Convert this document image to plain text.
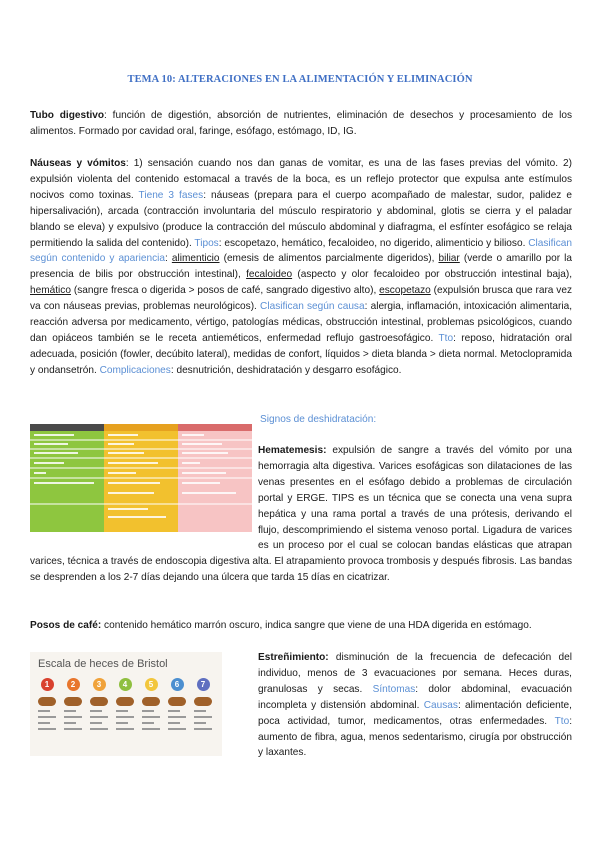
TEMA 10: ALTERACIONES EN LA ALIMENTACIÓN Y ELIMINACIÓN

Tubo digestivo: función de digestión, absorción de nutrientes, eliminación de desechos y procesamiento de los alimentos. Formado por cavidad oral, faringe, esófago, estómago, ID, IG.

Náuseas y vómitos: 1) sensación cuando nos dan ganas de vomitar, es una de las fases previas del vómito. 2) expulsión violenta del contenido estomacal a través de la boca, es un reflejo protector que expulsa ante estímulos nocivos como toxinas. Tiene 3 fases: náuseas (prepara para el cuerpo acompañado de malestar, sudor, palidez e hipersalivación), arcada (contracción involuntaria del músculo respiratorio y abdominal, glotis se cierra y el paladar blando se eleva) y expulsivo (produce la contracción del músculo abdominal y diafragma, el esfínter esofágico se relaja permitiendo la salida del contenido). Tipos: escopetazo, hemático, fecaloideo, no digerido, alimenticio y bilioso. Clasifican según contenido y apariencia: alimenticio (emesis de alimentos parcialmente digeridos), biliar (verde o amarillo por la presencia de bilis por obstrucción intestinal), fecaloideo (aspecto y olor fecaloideo por obstrucción intestinal baja), hemático (sangre fresca o digerida > posos de café, sangrado digestivo alto), escopetazo (expulsión brusca que rara vez va con náuseas previas, problemas neurológicos). Clasifican según causa: alergia, inflamación, intoxicación alimentaria, reacción adversa por medicamento, vértigo, patologías médicas, obstrucción intestinal, problemas psicológicos, cuando dan opiáceos también se le receta antieméticos, enfermedad reflujo gastroesofágico. Tto: reposo, hidratación oral adecuada, posición (fowler, decúbito lateral), medidas de confort, líquidos > dieta blanda > dieta normal. Metoclopramida y ondansetrón. Complicaciones: desnutrición, deshidratación y desgarro esofágico.

Signos de deshidratación:

Hematemesis: expulsión de sangre a través del vómito por una hemorragia alta digestiva. Varices esofágicas son dilataciones de las venas presentes en el esófago debido a problemas de circulación portal y ERGE. TIPS es un técnica que se conecta una vena supra hepática y una rama portal a través de una prótesis, derivando el flujo, descomprimiendo el sistema venoso portal. Ligadura de varices es un proceso por el cual se colocan bandas elásticas que atrapan varices, técnica a través de endoscopia digestiva alta. El atrapamiento provoca trombosis y después fibrosis. Las bandas se desprenden a los 2-7 días dejando una úlcera que tarda 15 días en cicatrizar.

Posos de café: contenido hemático marrón oscuro, indica sangre que viene de una HDA digerida en estómago.

Escala de heces de Bristol
1	2	3	4	5	6	7

Estreñimiento: disminución de la frecuencia de defecación del individuo, menos de 3 evacuaciones por semana. Heces duras, granulosas y secas. Síntomas: dolor abdominal, evacuación incompleta y distensión abdominal. Causas: alimentación deficiente, poca actividad, tumor, medicamentos, otras enfermedades. Tto: aumento de fibra, agua, menos sedentarismo, cirugía por obstrucción y laxantes.
